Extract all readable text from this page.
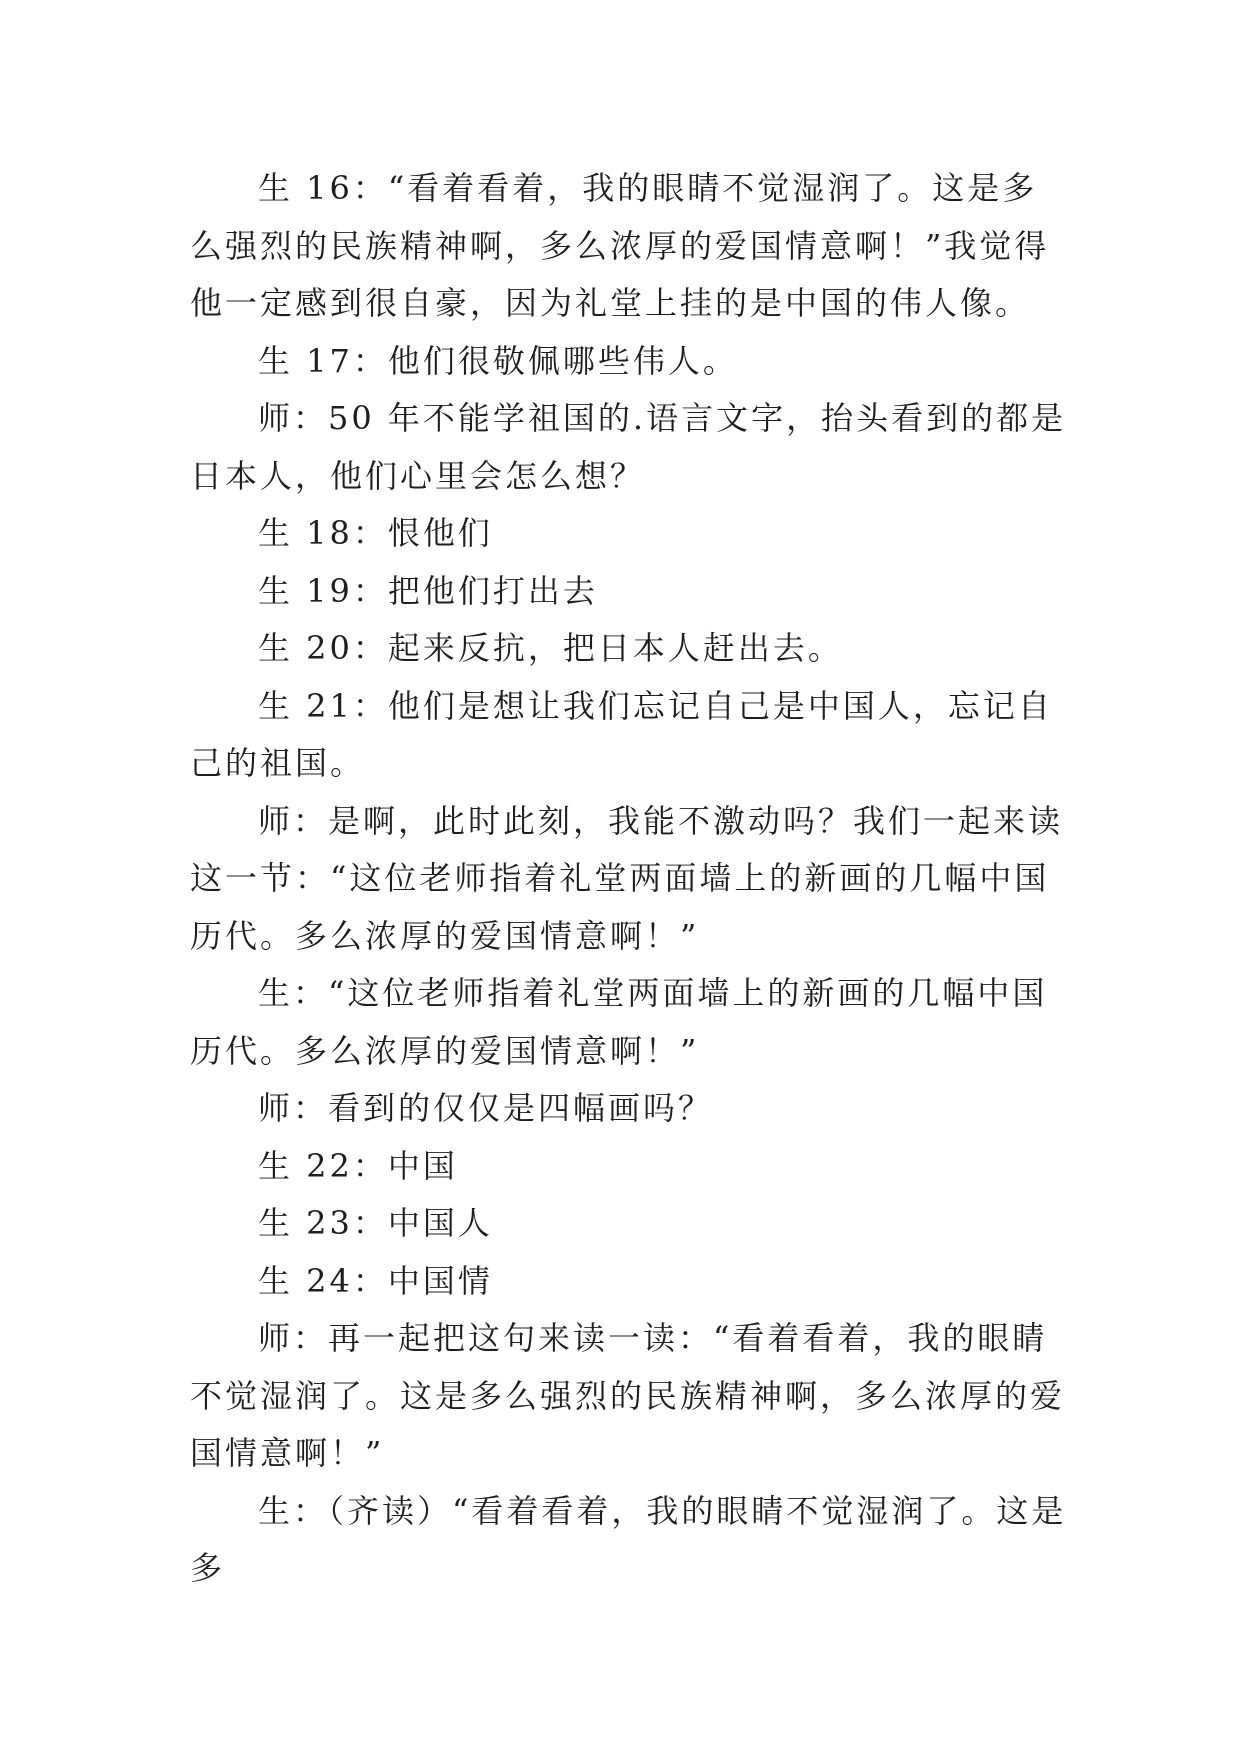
生 16：“看着看着，我的眼睛不觉湿润了。这是多么强烈的民族精神啊，多么浓厚的爱国情意啊！”我觉得他一定感到很自豪，因为礼堂上挂的是中国的伟人像。

生 17：他们很敬佩哪些伟人。

师：50 年不能学祖国的.语言文字，抬头看到的都是日本人，他们心里会怎么想？

生 18：恨他们

生 19：把他们打出去

生 20：起来反抗，把日本人赶出去。

生 21：他们是想让我们忘记自己是中国人，忘记自己的祖国。

师：是啊，此时此刻，我能不激动吗？我们一起来读这一节：“这位老师指着礼堂两面墙上的新画的几幅中国历代。多么浓厚的爱国情意啊！”

生：“这位老师指着礼堂两面墙上的新画的几幅中国历代。多么浓厚的爱国情意啊！”

师：看到的仅仅是四幅画吗？

生 22：中国

生 23：中国人

生 24：中国情

师：再一起把这句来读一读：“看着看着，我的眼睛不觉湿润了。这是多么强烈的民族精神啊，多么浓厚的爱国情意啊！”

生：（齐读）“看着看着，我的眼睛不觉湿润了。这是多
